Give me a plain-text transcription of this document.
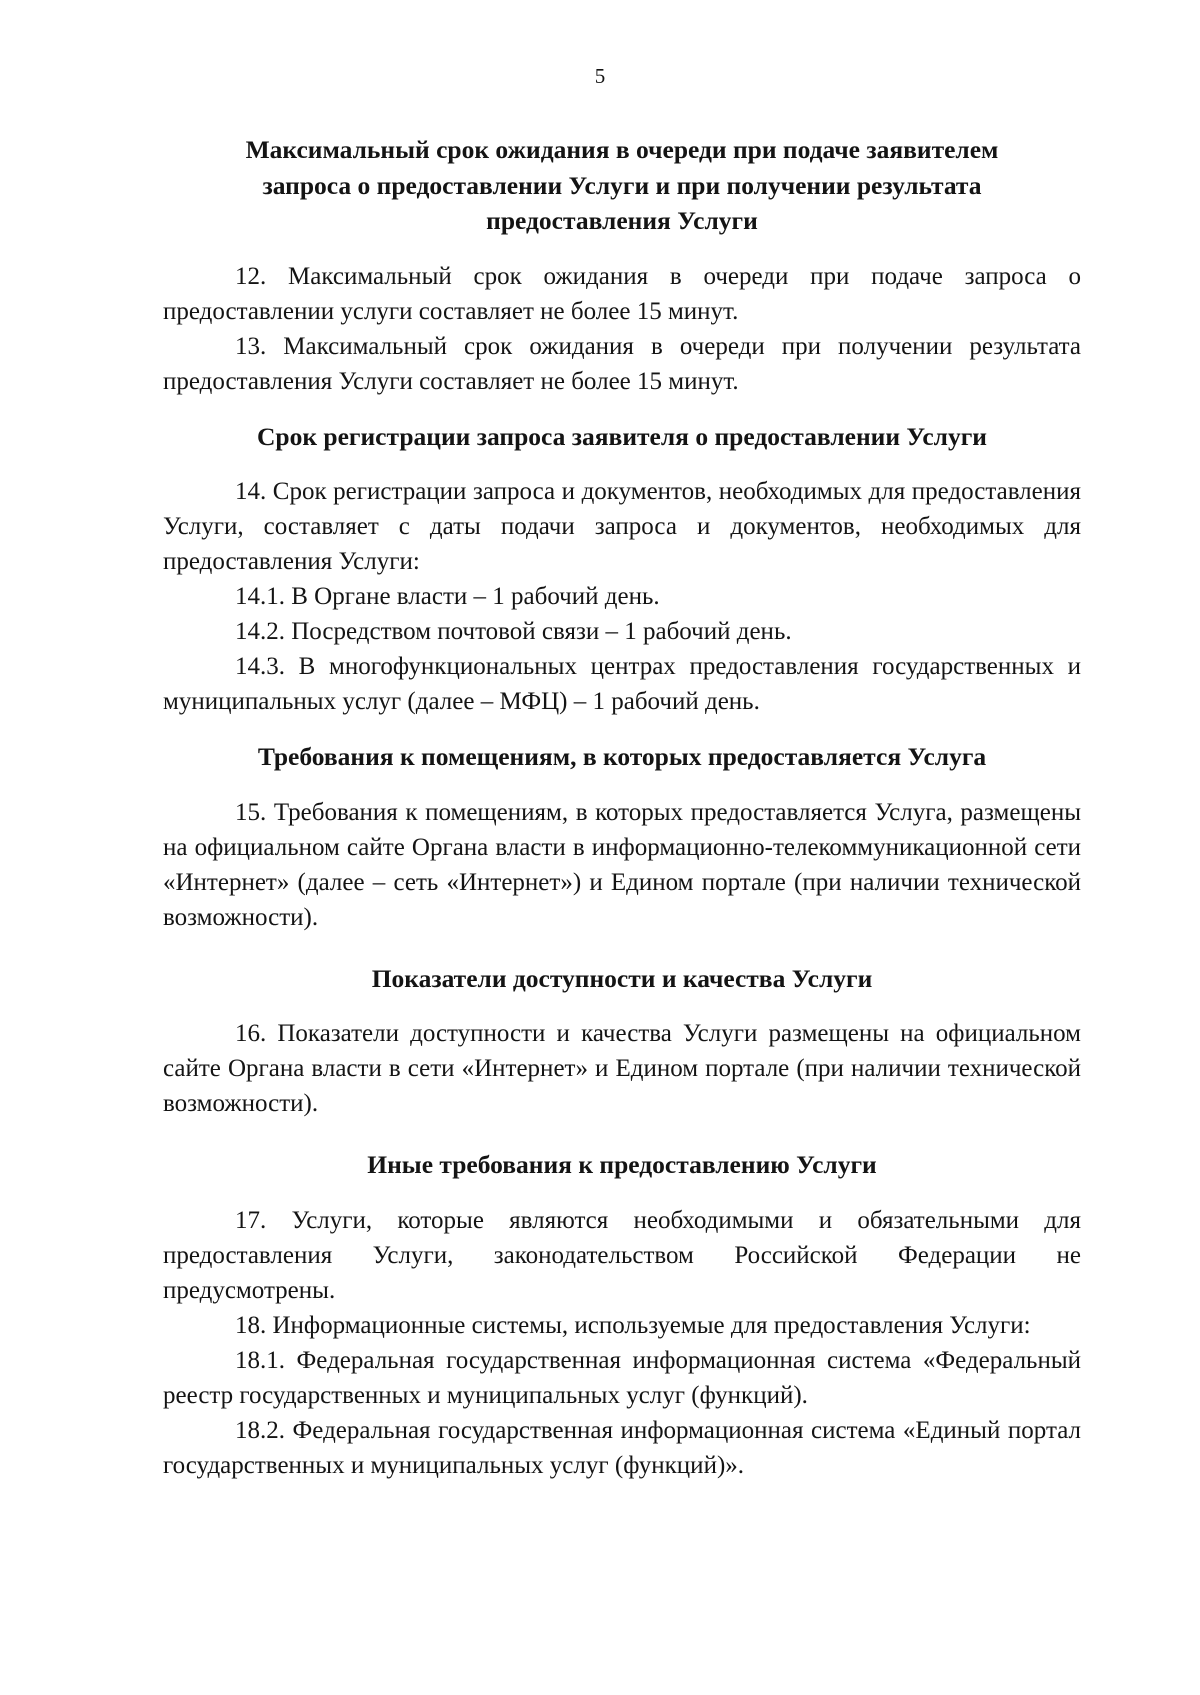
5
Максимальный срок ожидания в очереди при подаче заявителем
запроса о предоставлении Услуги и при получении результата
предоставления Услуги

12. Максимальный срок ожидания в очереди при подаче запроса о предоставлении услуги составляет не более 15 минут.

13. Максимальный срок ожидания в очереди при получении результата предоставления Услуги составляет не более 15 минут.

Срок регистрации запроса заявителя о предоставлении Услуги

14. Срок регистрации запроса и документов, необходимых для предоставления Услуги, составляет с даты подачи запроса и документов, необходимых для предоставления Услуги:

14.1. В Органе власти – 1 рабочий день.

14.2. Посредством почтовой связи – 1 рабочий день.

14.3. В многофункциональных центрах предоставления государственных и муниципальных услуг (далее – МФЦ) – 1 рабочий день.

Требования к помещениям, в которых предоставляется Услуга

15. Требования к помещениям, в которых предоставляется Услуга, размещены на официальном сайте Органа власти в информационно-телекоммуникационной сети «Интернет» (далее – сеть «Интернет») и Едином портале (при наличии технической возможности).

Показатели доступности и качества Услуги

16. Показатели доступности и качества Услуги размещены на официальном сайте Органа власти в сети «Интернет» и Едином портале (при наличии технической возможности).

Иные требования к предоставлению Услуги

17. Услуги, которые являются необходимыми и обязательными для предоставления Услуги, законодательством Российской Федерации не предусмотрены.

18. Информационные системы, используемые для предоставления Услуги:

18.1. Федеральная государственная информационная система «Федеральный реестр государственных и муниципальных услуг (функций).

18.2. Федеральная государственная информационная система «Единый портал государственных и муниципальных услуг (функций)».
